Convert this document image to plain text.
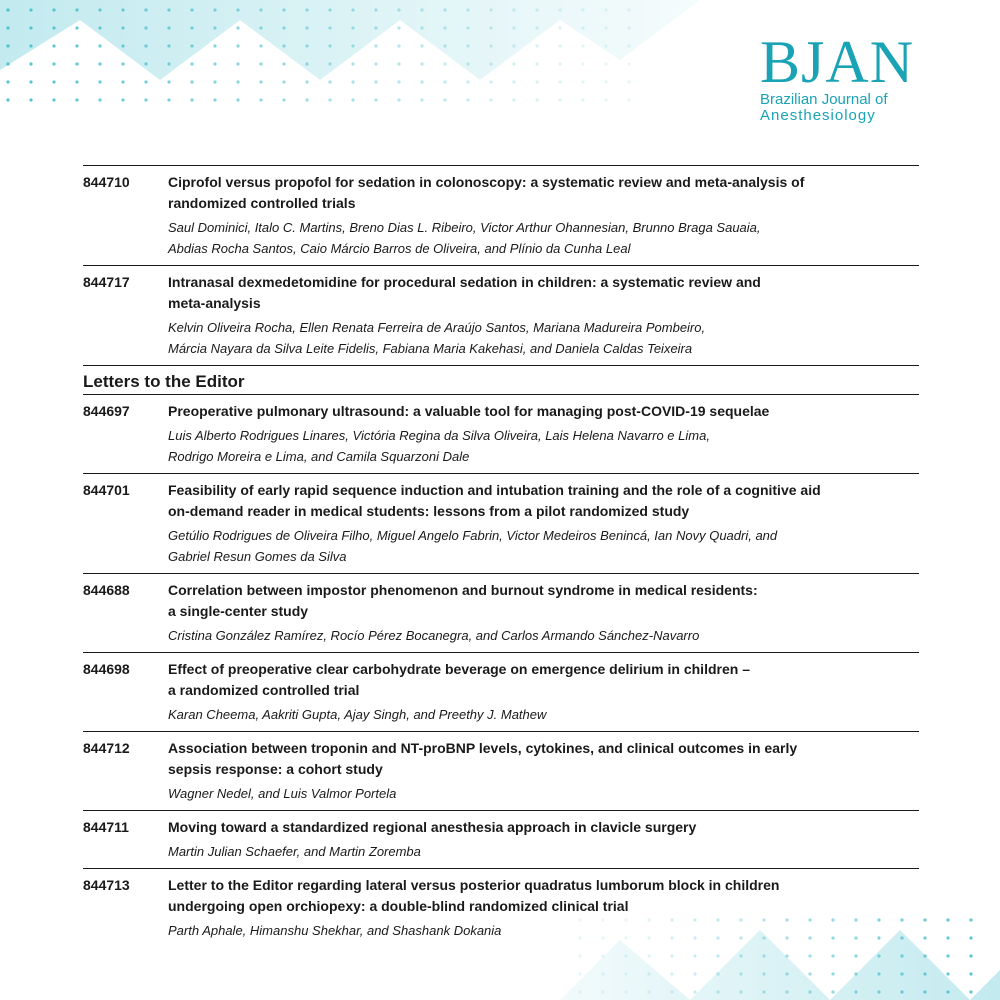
BJAN
Brazilian Journal of
Anesthesiology
844710	Ciprofol versus propofol for sedation in colonoscopy: a systematic review and meta-analysis of
randomized controlled trials
Saul Dominici, Italo C. Martins, Breno Dias L. Ribeiro, Victor Arthur Ohannesian, Brunno Braga Sauaia,
Abdias Rocha Santos, Caio Márcio Barros de Oliveira, and Plínio da Cunha Leal
844717	Intranasal dexmedetomidine for procedural sedation in children: a systematic review and
meta-analysis
Kelvin Oliveira Rocha, Ellen Renata Ferreira de Araújo Santos, Mariana Madureira Pombeiro,
Márcia Nayara da Silva Leite Fidelis, Fabiana Maria Kakehasi, and Daniela Caldas Teixeira
Letters to the Editor
844697	Preoperative pulmonary ultrasound: a valuable tool for managing post-COVID-19 sequelae
Luis Alberto Rodrigues Linares, Victória Regina da Silva Oliveira, Lais Helena Navarro e Lima,
Rodrigo Moreira e Lima, and Camila Squarzoni Dale
844701	Feasibility of early rapid sequence induction and intubation training and the role of a cognitive aid
on-demand reader in medical students: lessons from a pilot randomized study
Getúlio Rodrigues de Oliveira Filho, Miguel Angelo Fabrin, Victor Medeiros Benincá, Ian Novy Quadri, and
Gabriel Resun Gomes da Silva
844688	Correlation between impostor phenomenon and burnout syndrome in medical residents:
a single-center study
Cristina González Ramírez, Rocío Pérez Bocanegra, and Carlos Armando Sánchez-Navarro
844698	Effect of preoperative clear carbohydrate beverage on emergence delirium in children –
a randomized controlled trial
Karan Cheema, Aakriti Gupta, Ajay Singh, and Preethy J. Mathew
844712	Association between troponin and NT-proBNP levels, cytokines, and clinical outcomes in early
sepsis response: a cohort study
Wagner Nedel, and Luis Valmor Portela
844711	Moving toward a standardized regional anesthesia approach in clavicle surgery
Martin Julian Schaefer, and Martin Zoremba
844713	Letter to the Editor regarding lateral versus posterior quadratus lumborum block in children
undergoing open orchiopexy: a double-blind randomized clinical trial
Parth Aphale, Himanshu Shekhar, and Shashank Dokania
